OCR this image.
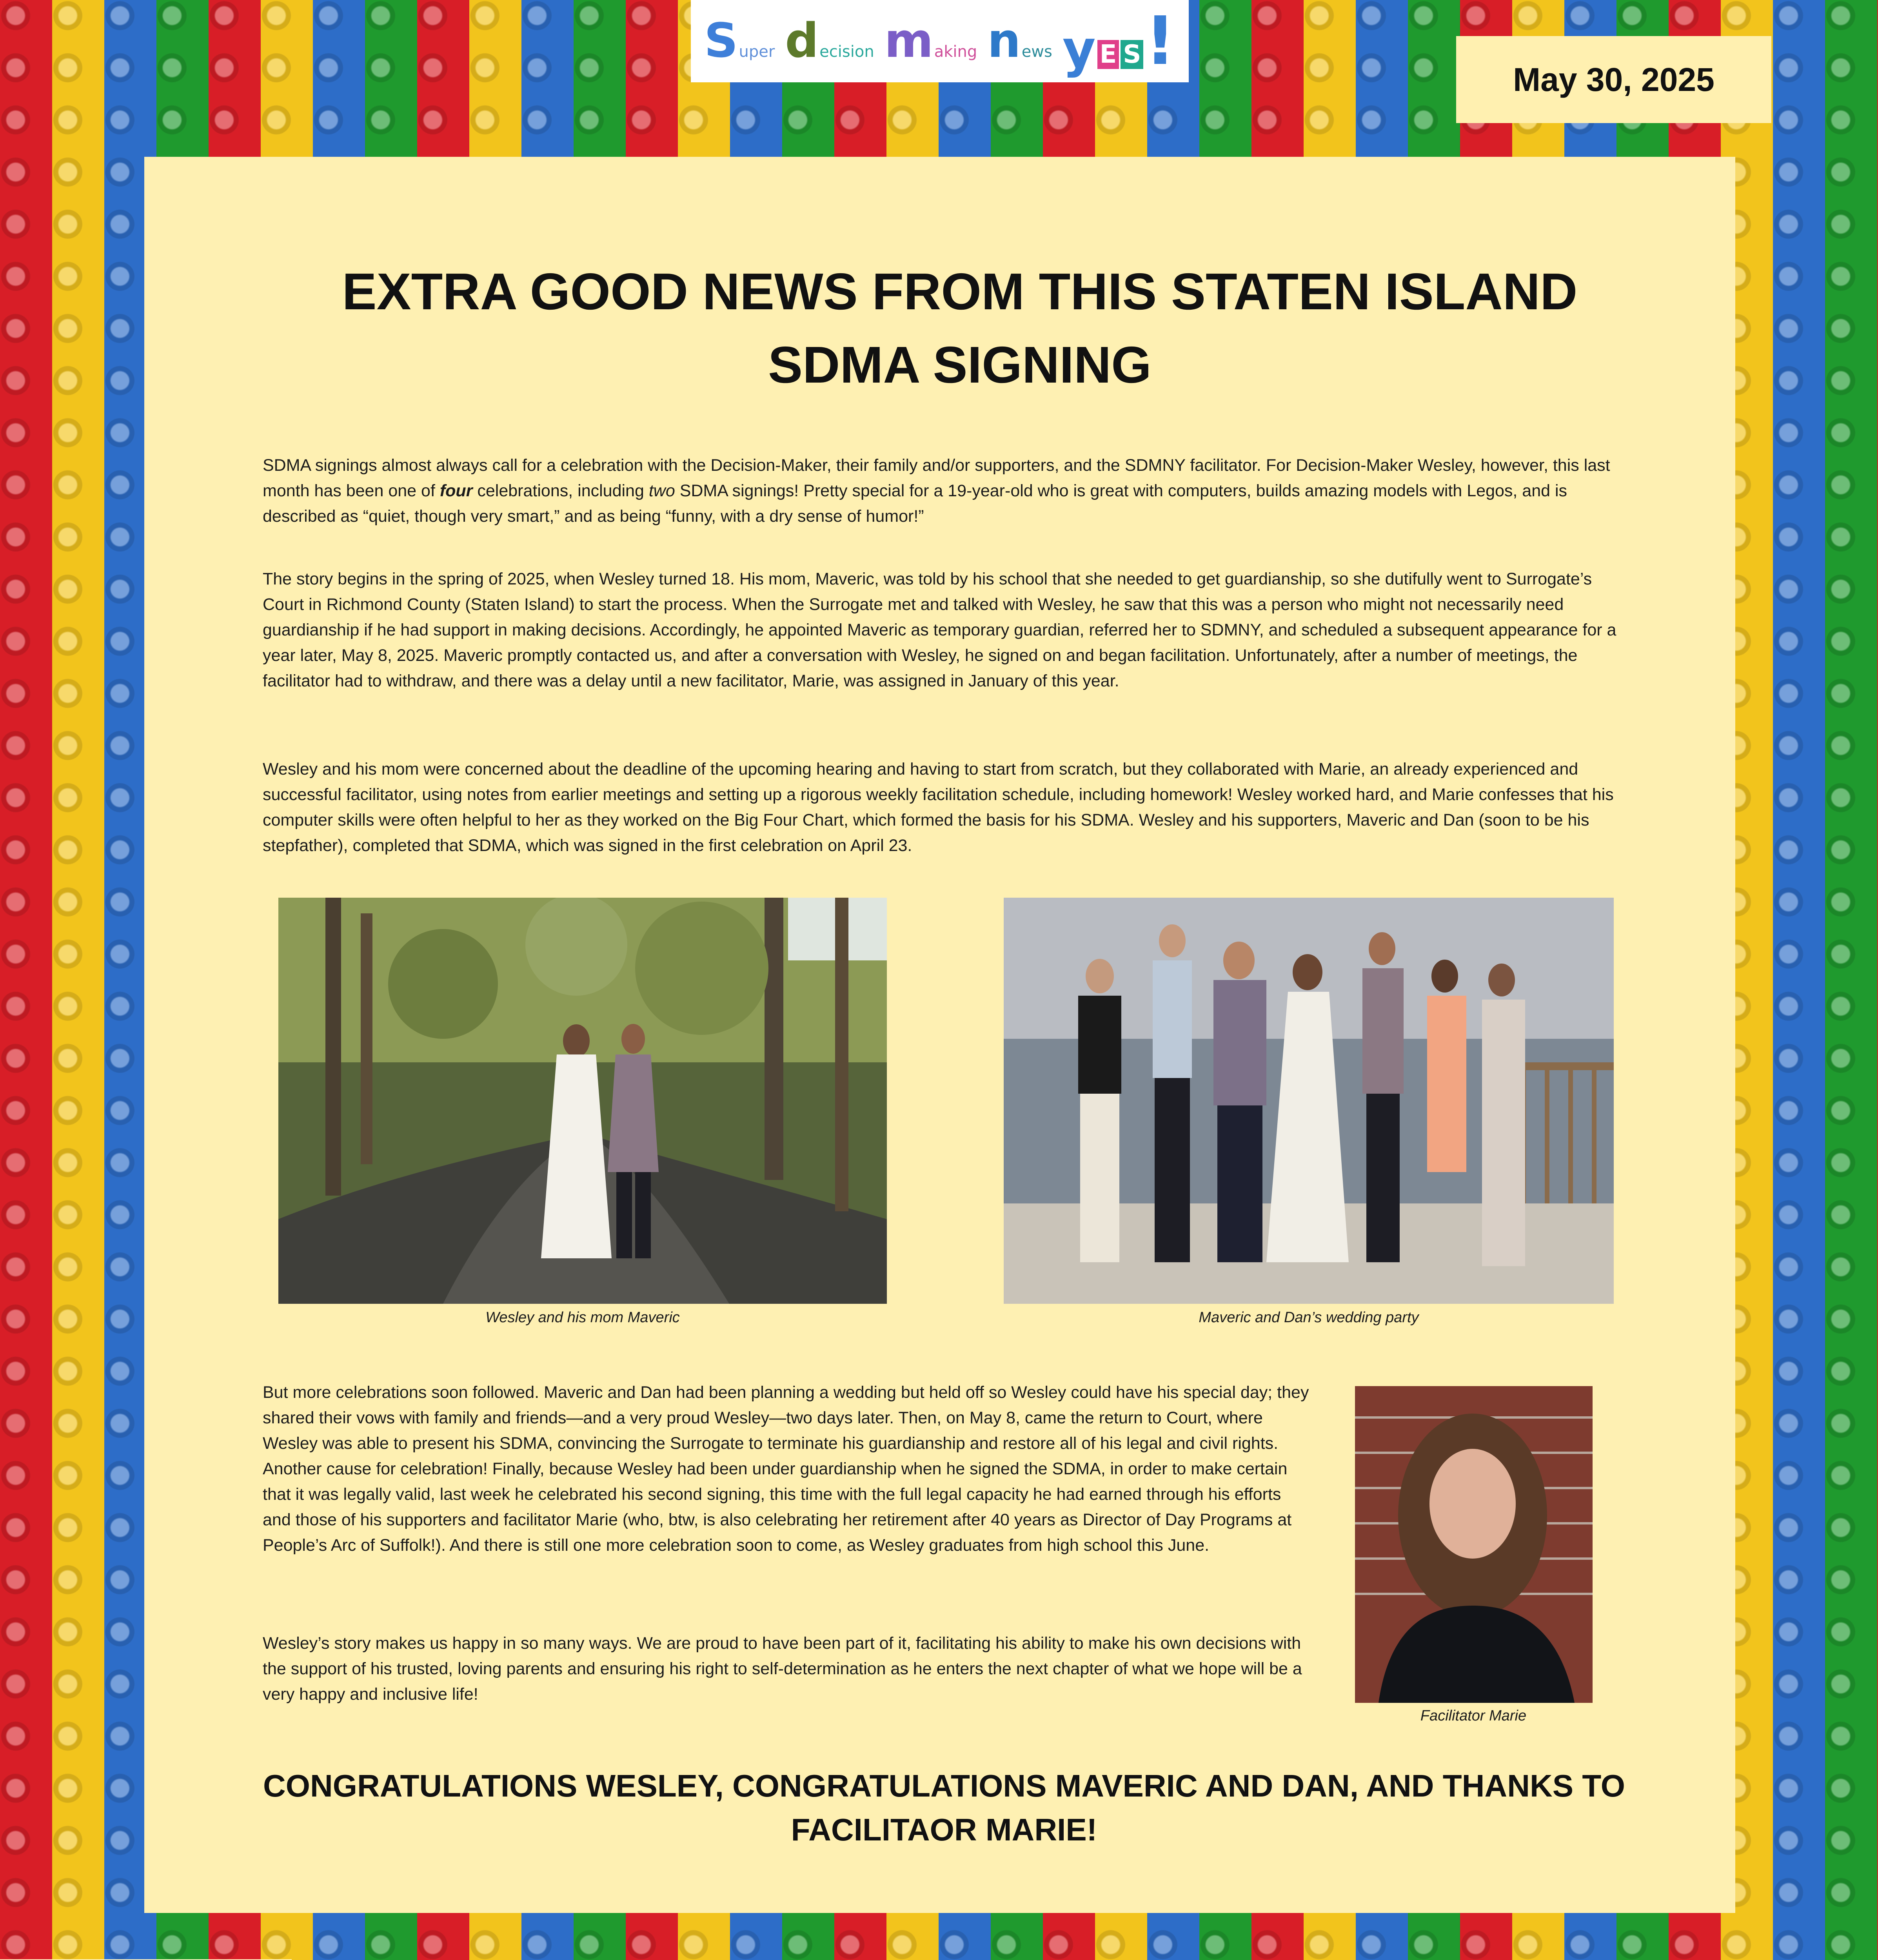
S uper d ecision m aking n ews y E S !	May 30, 2025
EXTRA GOOD NEWS FROM THIS STATEN ISLAND SDMA SIGNING

SDMA signings almost always call for a celebration with the Decision-Maker, their family and/or supporters, and the SDMNY facilitator. For Decision-Maker Wesley, however, this last month has been one of four celebrations, including two SDMA signings! Pretty special for a 19-year-old who is great with computers, builds amazing models with Legos, and is described as “quiet, though very smart,” and as being “funny, with a dry sense of humor!”

The story begins in the spring of 2025, when Wesley turned 18. His mom, Maveric, was told by his school that she needed to get guardianship, so she dutifully went to Surrogate’s Court in Richmond County (Staten Island) to start the process. When the Surrogate met and talked with Wesley, he saw that this was a person who might not necessarily need guardianship if he had support in making decisions. Accordingly, he appointed Maveric as temporary guardian, referred her to SDMNY, and scheduled a subsequent appearance for a year later, May 8, 2025. Maveric promptly contacted us, and after a conversation with Wesley, he signed on and began facilitation. Unfortunately, after a number of meetings, the facilitator had to withdraw, and there was a delay until a new facilitator, Marie, was assigned in January of this year.

Wesley and his mom were concerned about the deadline of the upcoming hearing and having to start from scratch, but they collaborated with Marie, an already experienced and successful facilitator, using notes from earlier meetings and setting up a rigorous weekly facilitation schedule, including homework! Wesley worked hard, and Marie confesses that his computer skills were often helpful to her as they worked on the Big Four Chart, which formed the basis for his SDMA. Wesley and his supporters, Maveric and Dan (soon to be his stepfather), completed that SDMA, which was signed in the first celebration on April 23.

Wesley and his mom Maveric	Maveric and Dan’s wedding party

But more celebrations soon followed. Maveric and Dan had been planning a wedding but held off so Wesley could have his special day; they shared their vows with family and friends—and a very proud Wesley—two days later. Then, on May 8, came the return to Court, where Wesley was able to present his SDMA, convincing the Surrogate to terminate his guardianship and restore all of his legal and civil rights. Another cause for celebration! Finally, because Wesley had been under guardianship when he signed the SDMA, in order to make certain that it was legally valid, last week he celebrated his second signing, this time with the full legal capacity he had earned through his efforts and those of his supporters and facilitator Marie (who, btw, is also celebrating her retirement after 40 years as Director of Day Programs at People’s Arc of Suffolk!). And there is still one more celebration soon to come, as Wesley graduates from high school this June.

Wesley’s story makes us happy in so many ways. We are proud to have been part of it, facilitating his ability to make his own decisions with the support of his trusted, loving parents and ensuring his right to self-determination as he enters the next chapter of what we hope will be a very happy and inclusive life!

Facilitator Marie

CONGRATULATIONS WESLEY, CONGRATULATIONS MAVERIC AND DAN, AND THANKS TO FACILITAOR MARIE!
